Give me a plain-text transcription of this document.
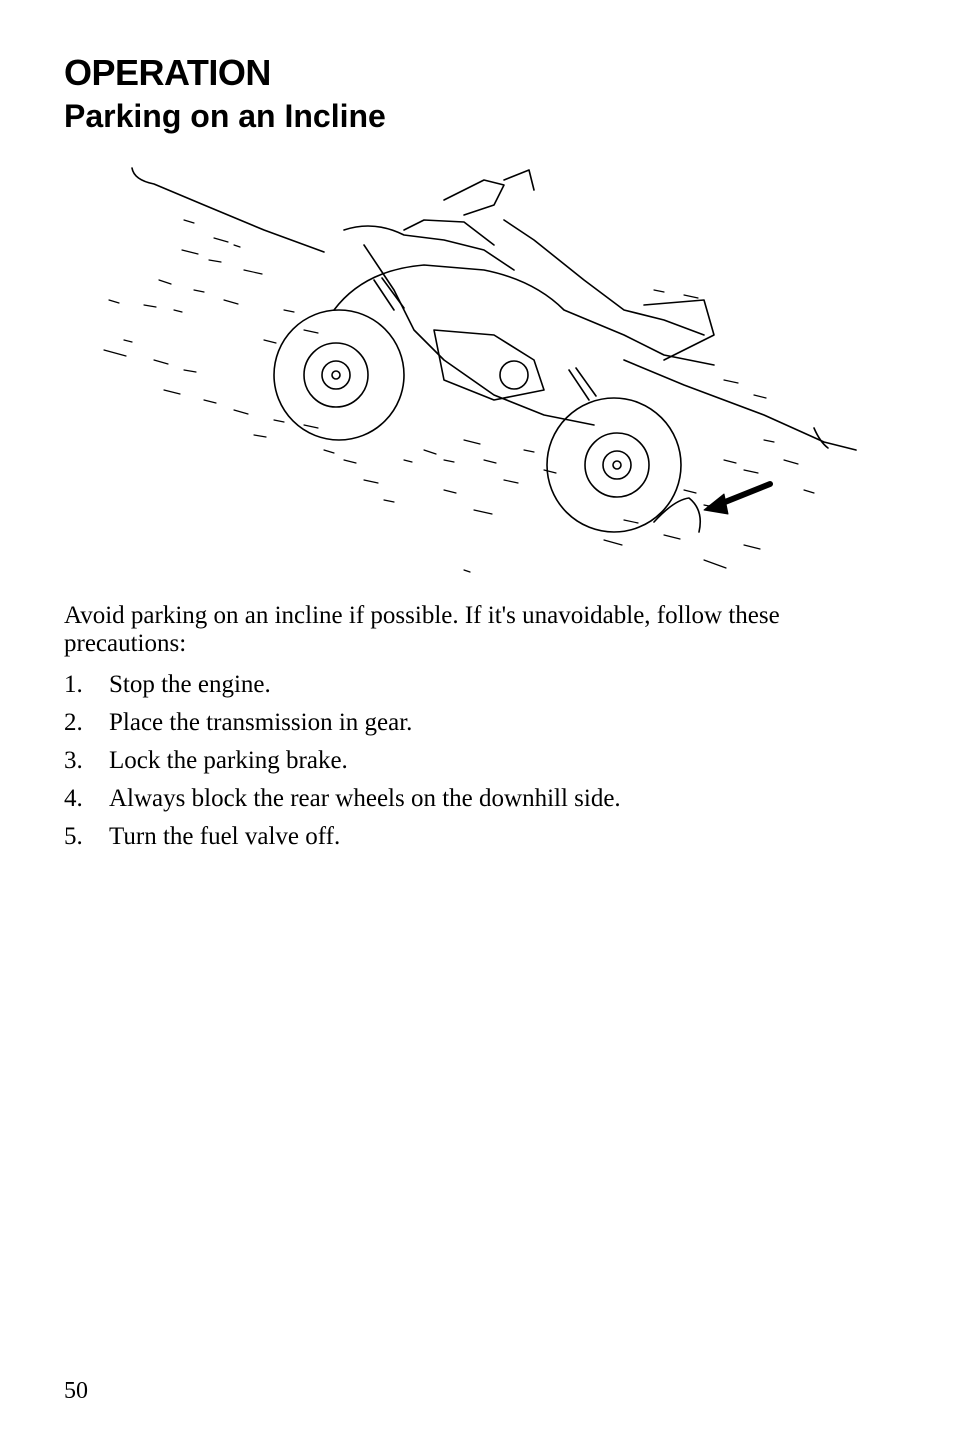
OPERATION
Parking on an Incline

Avoid parking on an incline if possible. If it's unavoidable, follow these precautions:

1.	Stop the engine.
2.	Place the transmission in gear.
3.	Lock the parking brake.
4.	Always block the rear wheels on the downhill side.
5.	Turn the fuel valve off.
50
